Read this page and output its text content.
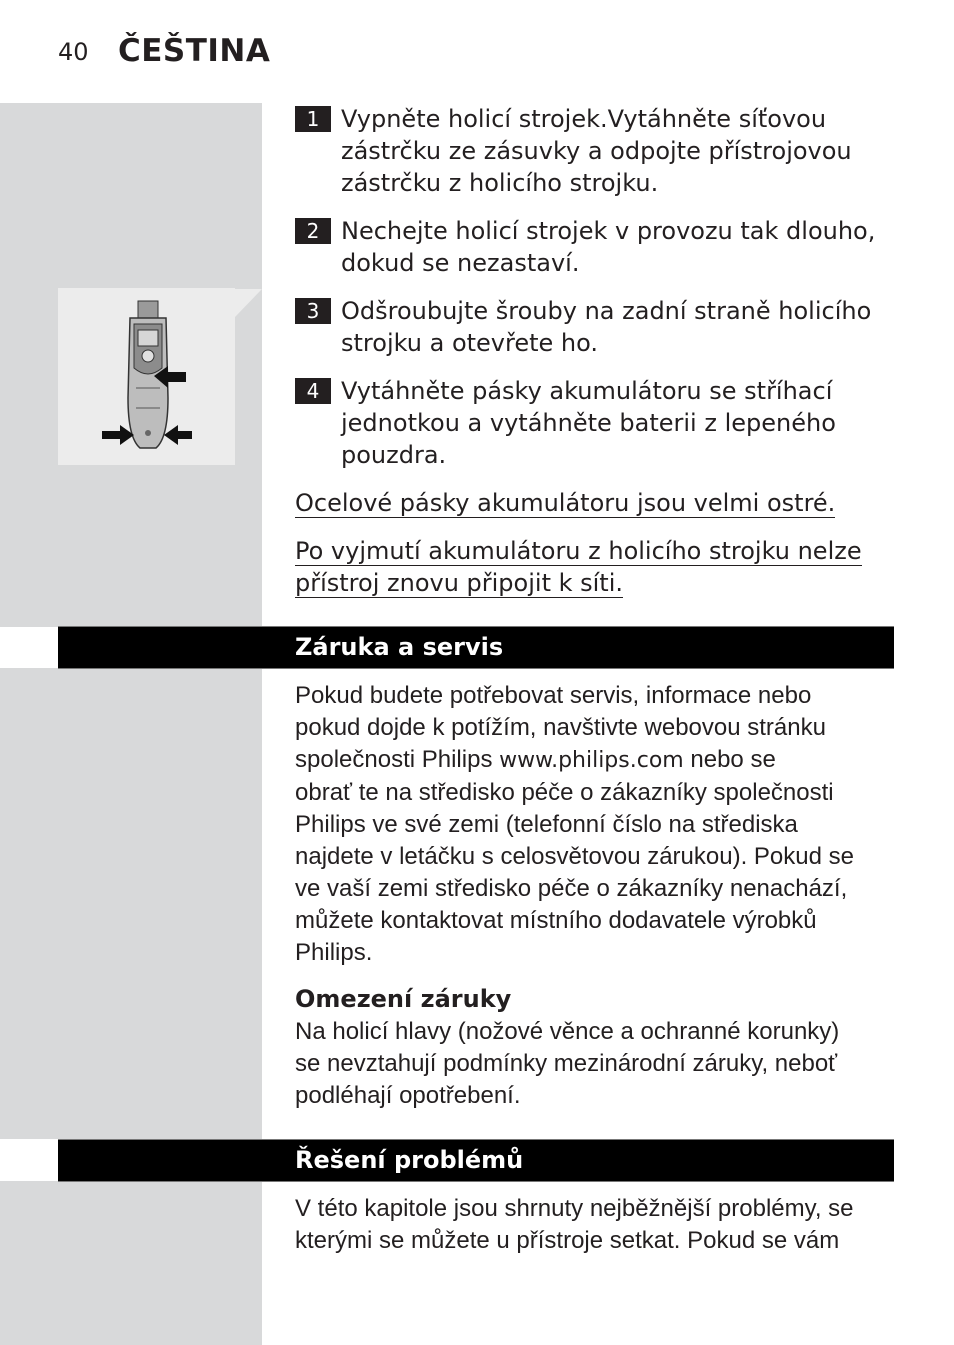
40 ČEŠTINA
1 Vypněte holicí strojek.Vytáhněte síťovou
zástrčku ze zásuvky a odpojte přístrojovou
zástrčku z holicího strojku.
2 Nechejte holicí strojek v provozu tak dlouho,
dokud se nezastaví.
3 Odšroubujte šrouby na zadní straně holicího
strojku a otevřete ho.
4 Vytáhněte pásky akumulátoru se stříhací
jednotkou a vytáhněte baterii z lepeného
pouzdra.
Ocelové pásky akumulátoru jsou velmi ostré.
Po vyjmutí akumulátoru z holicího strojku nelze
přístroj znovu připojit k síti.
Záruka a servis
Pokud budete potřebovat servis, informace nebo
pokud dojde k potížím, navštivte webovou stránku
společnosti Philips www.philips.com nebo se
obrať te na středisko péče o zákazníky společnosti
Philips ve své zemi (telefonní číslo na střediska
najdete v letáčku s celosvětovou zárukou). Pokud se
ve vaší zemi středisko péče o zákazníky nenachází,
můžete kontaktovat místního dodavatele výrobků
Philips.
Omezení záruky
Na holicí hlavy (nožové věnce a ochranné korunky)
se nevztahují podmínky mezinárodní záruky, neboť
podléhají opotřebení.
Řešení problémů
V této kapitole jsou shrnuty nejběžnější problémy, se
kterými se můžete u přístroje setkat. Pokud se vám
